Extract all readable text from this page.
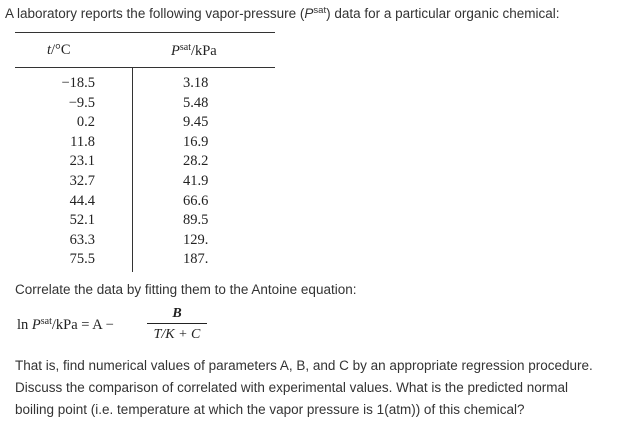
A laboratory reports the following vapor-pressure $(P^{sat})$ data for a particular organic chemical:
t/°C	$P^{sat}$/kPa
−18.5
−9.5
0.2
11.8
23.1
32.7
44.4
52.1
63.3
75.5
3.18
5.48
9.45
16.9
28.2
41.9
66.6
89.5
129.
187.
Correlate the data by fitting them to the Antoine equation:
$\ln P^{sat}$/kPa = A −
B
T/K + C
That is, find numerical values of parameters A, B, and C by an appropriate regression procedure.
Discuss the comparison of correlated with experimental values. What is the predicted normal
boiling point (i.e. temperature at which the vapor pressure is 1(atm)) of this chemical?
